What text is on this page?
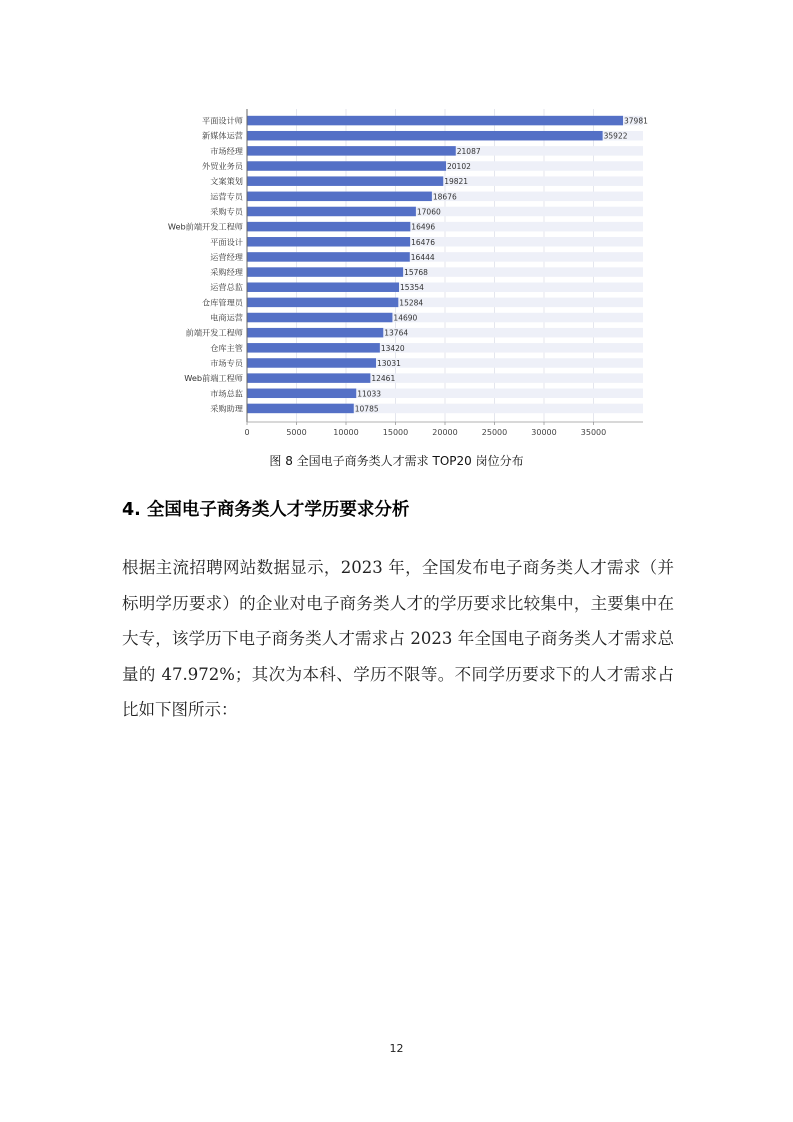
平面设计师	37981
新媒体运营	35922
市场经理	21087
外贸业务员	20102
文案策划	19821
运营专员	18676
采购专员	17060
Web前端开发工程师	16496
平面设计	16476
运营经理	16444
采购经理	15768
运营总监	15354
仓库管理员	15284
电商运营	14690
前端开发工程师	13764
仓库主管	13420
市场专员	13031
Web前端工程师	12461
市场总监	11033
采购助理	10785
0	5000	10000	15000	20000	25000	30000	35000
图 8 全国电子商务类人才需求 TOP20 岗位分布
4. 全国电子商务类人才学历要求分析

根据主流招聘网站数据显示，2023 年，全国发布电子商务类人才需求（并标明学历要求）的企业对电子商务类人才的学历要求比较集中，主要集中在大专，该学历下电子商务类人才需求占 2023 年全国电子商务类人才需求总量的 47.972%；其次为本科、学历不限等。不同学历要求下的人才需求占比如下图所示：

12
